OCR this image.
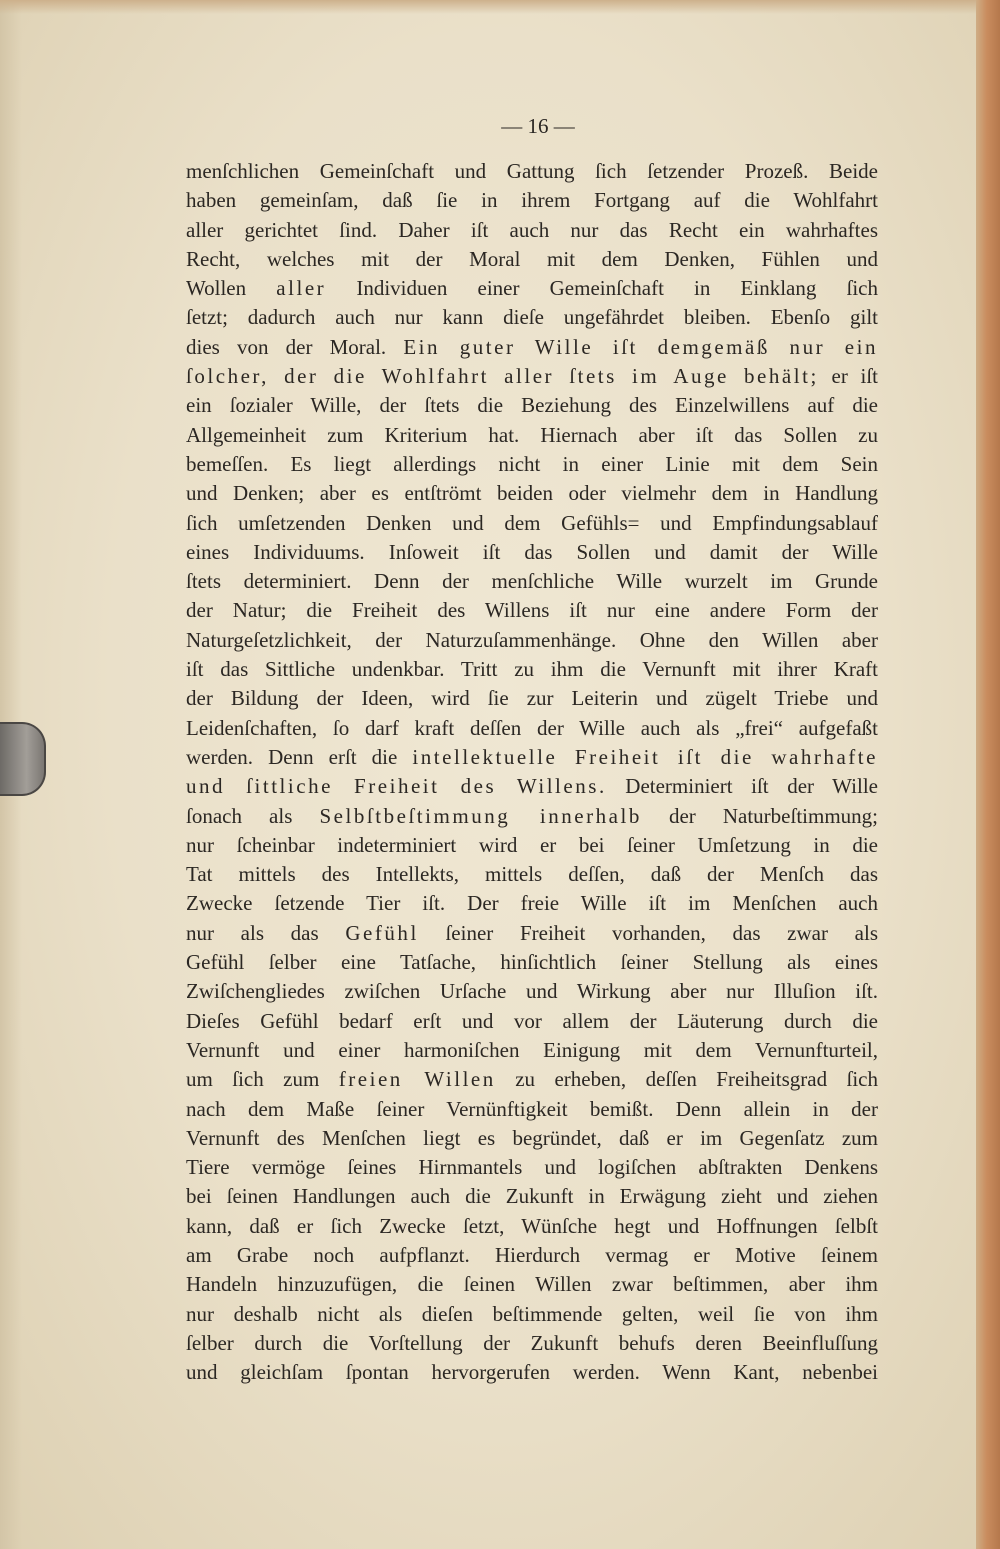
— 16 —
menſchlichen Gemeinſchaft und Gattung ſich ſetzender Prozeß. Beide
haben gemeinſam, daß ſie in ihrem Fortgang auf die Wohlfahrt
aller gerichtet ſind. Daher iſt auch nur das Recht ein wahrhaftes
Recht, welches mit der Moral mit dem Denken, Fühlen und
Wollen aller Individuen einer Gemeinſchaft in Einklang ſich
ſetzt; dadurch auch nur kann dieſe ungefährdet bleiben. Ebenſo gilt
dies von der Moral. Ein guter Wille iſt demgemäß nur ein
ſolcher, der die Wohlfahrt aller ſtets im Auge behält; er iſt
ein ſozialer Wille, der ſtets die Beziehung des Einzelwillens auf die
Allgemeinheit zum Kriterium hat. Hiernach aber iſt das Sollen zu
bemeſſen. Es liegt allerdings nicht in einer Linie mit dem Sein
und Denken; aber es entſtrömt beiden oder vielmehr dem in Handlung
ſich umſetzenden Denken und dem Gefühls= und Empfindungsablauf
eines Individuums. Inſoweit iſt das Sollen und damit der Wille
ſtets determiniert. Denn der menſchliche Wille wurzelt im Grunde
der Natur; die Freiheit des Willens iſt nur eine andere Form der
Naturgeſetzlichkeit, der Naturzuſammenhänge. Ohne den Willen aber
iſt das Sittliche undenkbar. Tritt zu ihm die Vernunft mit ihrer Kraft
der Bildung der Ideen, wird ſie zur Leiterin und zügelt Triebe und
Leidenſchaften, ſo darf kraft deſſen der Wille auch als „frei“ aufgefaßt
werden. Denn erſt die intellektuelle Freiheit iſt die wahrhafte
und ſittliche Freiheit des Willens. Determiniert iſt der Wille
ſonach als Selbſtbeſtimmung innerhalb der Naturbeſtimmung;
nur ſcheinbar indeterminiert wird er bei ſeiner Umſetzung in die
Tat mittels des Intellekts, mittels deſſen, daß der Menſch das
Zwecke ſetzende Tier iſt. Der freie Wille iſt im Menſchen auch
nur als das Gefühl ſeiner Freiheit vorhanden, das zwar als
Gefühl ſelber eine Tatſache, hinſichtlich ſeiner Stellung als eines
Zwiſchengliedes zwiſchen Urſache und Wirkung aber nur Illuſion iſt.
Dieſes Gefühl bedarf erſt und vor allem der Läuterung durch die
Vernunft und einer harmoniſchen Einigung mit dem Vernunfturteil,
um ſich zum freien Willen zu erheben, deſſen Freiheitsgrad ſich
nach dem Maße ſeiner Vernünftigkeit bemißt. Denn allein in der
Vernunft des Menſchen liegt es begründet, daß er im Gegenſatz zum
Tiere vermöge ſeines Hirnmantels und logiſchen abſtrakten Denkens
bei ſeinen Handlungen auch die Zukunft in Erwägung zieht und ziehen
kann, daß er ſich Zwecke ſetzt, Wünſche hegt und Hoffnungen ſelbſt
am Grabe noch aufpflanzt. Hierdurch vermag er Motive ſeinem
Handeln hinzuzufügen, die ſeinen Willen zwar beſtimmen, aber ihm
nur deshalb nicht als dieſen beſtimmende gelten, weil ſie von ihm
ſelber durch die Vorſtellung der Zukunft behufs deren Beeinfluſſung
und gleichſam ſpontan hervorgerufen werden. Wenn Kant, nebenbei
